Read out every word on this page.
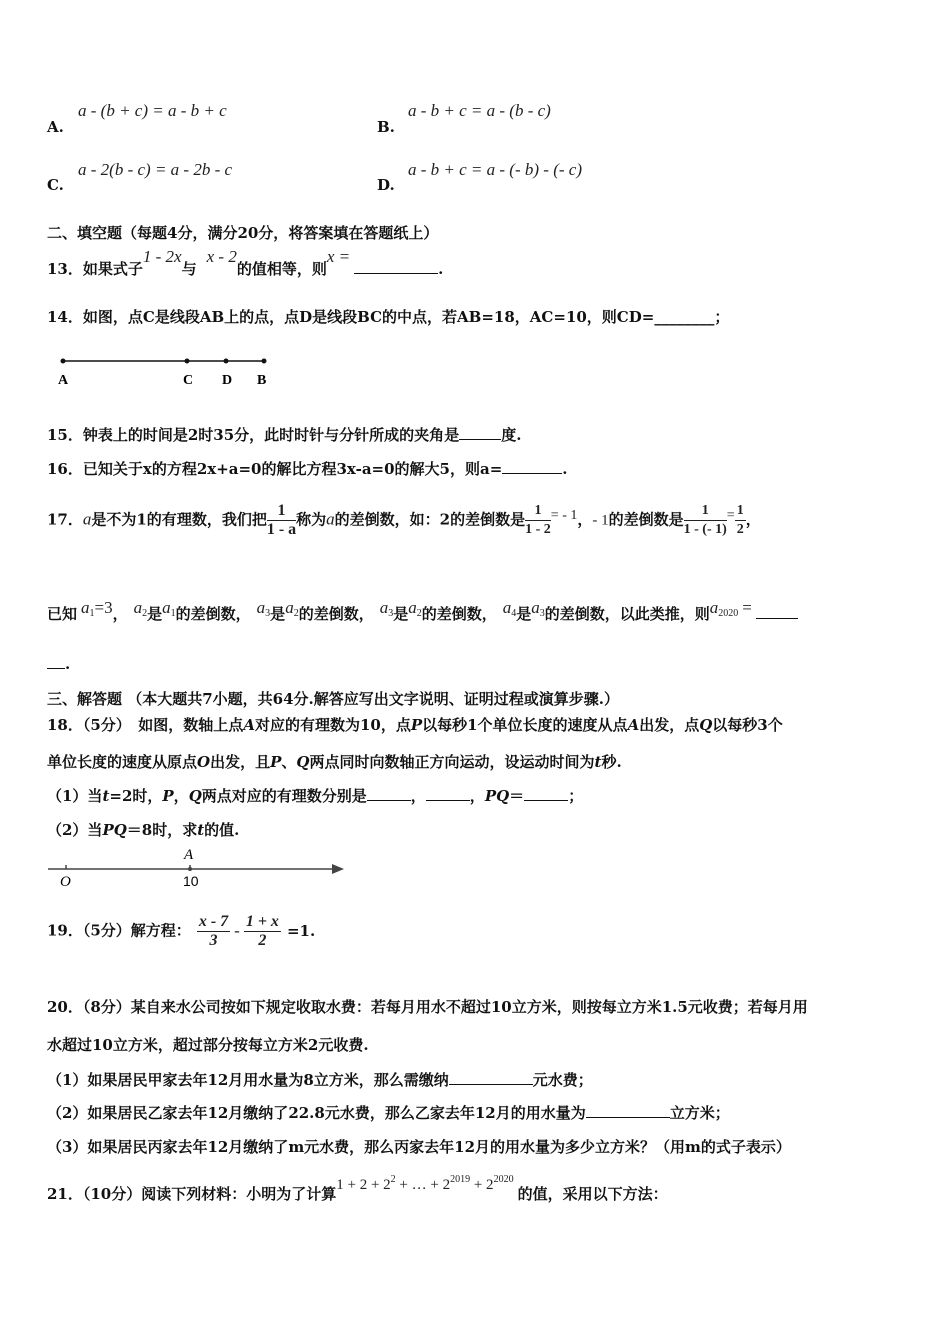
A.
a - (b + c) = a - b + c
B.
a - b + c = a - (b - c)
C.
a - 2(b - c) = a - 2b - c
D.
a - b + c = a - (- b) - (- c)
二、填空题（每题4分，满分20分，将答案填在答题纸上）
13．如果式子1 - 2x与x - 2的值相等，则x =.
14．如图，点C是线段AB上的点，点D是线段BC的中点，若AB=18，AC=10，则CD=________；
A	C D B
15．钟表上的时间是2时35分，此时时针与分针所成的夹角是	度.
16．已知关于x的方程2x+a=0的解比方程3x-a=0的解大5，则a=	.
17．a是不为1的有理数，我们把 $\frac{1}{1 - a}$ 称为a的差倒数，如：2的差倒数是 $\frac{1}{1 - 2}$ = - 1，- 1的差倒数是 $\frac{1}{1 - (- 1)} = \frac{1}{2}$ ，
已知 $a_1=3$， $a_2$是$a_1$的差倒数， $a_3$是$a_2$的差倒数， $a_3$是$a_2$的差倒数， $a_4$是$a_3$的差倒数，以此类推，则$a_{2020}$ =
.
三、解答题 （本大题共7小题，共64分.解答应写出文字说明、证明过程或演算步骤.）
18．（5分）　如图，数轴上点A对应的有理数为10，点P以每秒1个单位长度的速度从点A出发，点Q以每秒3个
单位长度的速度从原点O出发，且P、Q两点同时向数轴正方向运动，设运动时间为t秒.
（1）当t=2时，P，Q两点对应的有理数分别是	，	，PQ＝	；
（2）当PQ＝8时，求t的值.
O
A
10
19．（5分）解方程： $\frac{x - 7}{3} - \frac{1 + x}{2} =1$.
20．（8分）某自来水公司按如下规定收取水费：若每月用水不超过10立方米，则按每立方米1.5元收费；若每月用
水超过10立方米，超过部分按每立方米2元收费.
（1）如果居民甲家去年12月用水量为8立方米，那么需缴纳	元水费；
（2）如果居民乙家去年12月缴纳了22.8元水费，那么乙家去年12月的用水量为	立方米；
（3）如果居民丙家去年12月缴纳了m元水费，那么丙家去年12月的用水量为多少立方米？（用m的式子表示）
21．（10分）阅读下列材料：小明为了计算$1 + 2 + 2^2$ + … + $2^{2019} + 2^{2020}$的值，采用以下方法：
